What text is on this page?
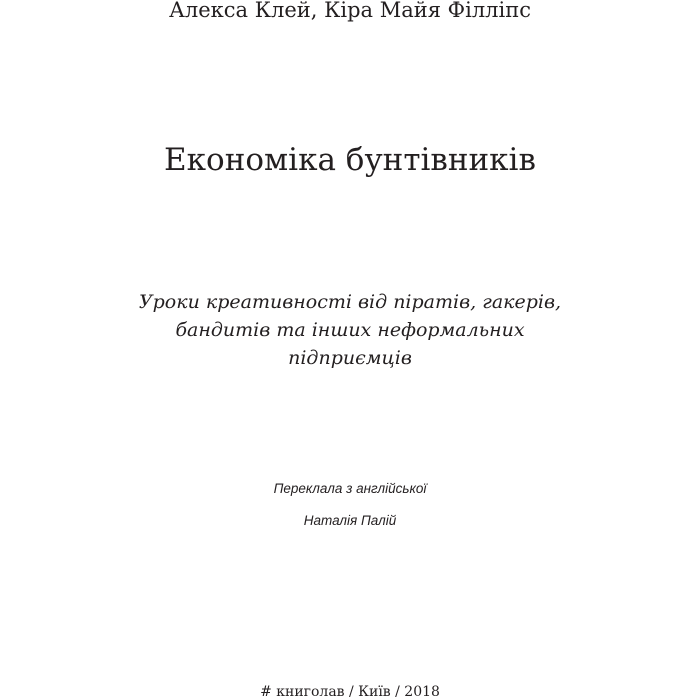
Алекса Клей, Кіра Майя Філліпс
Економіка бунтівників
Уроки креативності від піратів, гакерів,
бандитів та інших неформальних
підприємців
Переклала з англійської
Наталія Палій
# книголав / Київ / 2018
